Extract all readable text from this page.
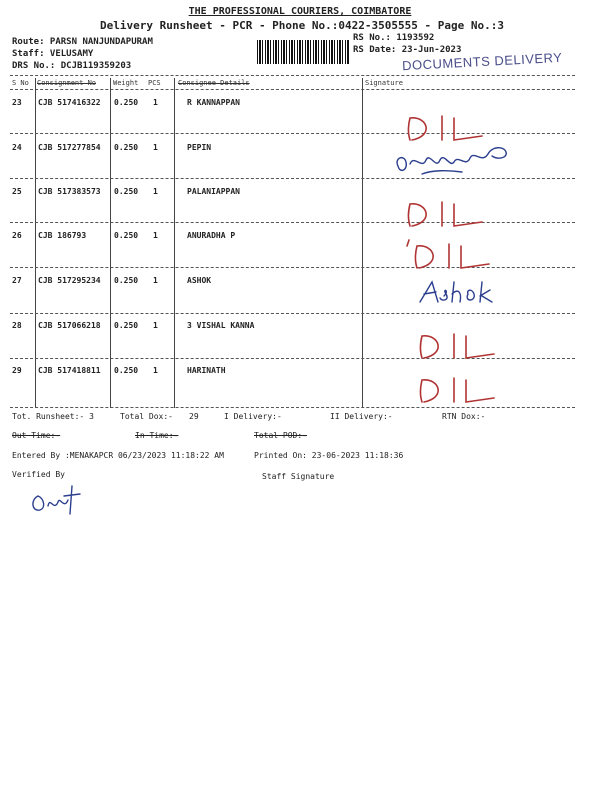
THE PROFESSIONAL COURIERS, COIMBATORE
Delivery Runsheet - PCR - Phone No.:0422-3505555 - Page No.:3
Route: PARSN NANJUNDAPURAM
Staff: VELUSAMY
DRS No.: DCJB119359203
RS No.: 1193592
RS Date: 23-Jun-2023
DOCUMENTS DELIVERY
S No Consignment No Weight PCS Consignee Details	Signature
23 CJB 517416322 0.250 1	R KANNAPPAN
24 CJB 517277854 0.250 1	PEPIN
25 CJB 517383573 0.250 1	PALANIAPPAN
26 CJB 186793	0.250 1	ANURADHA P
27 CJB 517295234 0.250 1	ASHOK
28 CJB 517066218 0.250 1	3 VISHAL KANNA
29 CJB 517418811 0.250 1	HARINATH
Tot. Runsheet:- 3	Total Dox:- 29	I Delivery:-	II Delivery:-	RTN Dox:-
Out Time:-	In Time:-	Total POD:-
Entered By :MENAKAPCR 06/23/2023 11:18:22 AM	Printed On: 23-06-2023 11:18:36
Verified By	Staff Signature
